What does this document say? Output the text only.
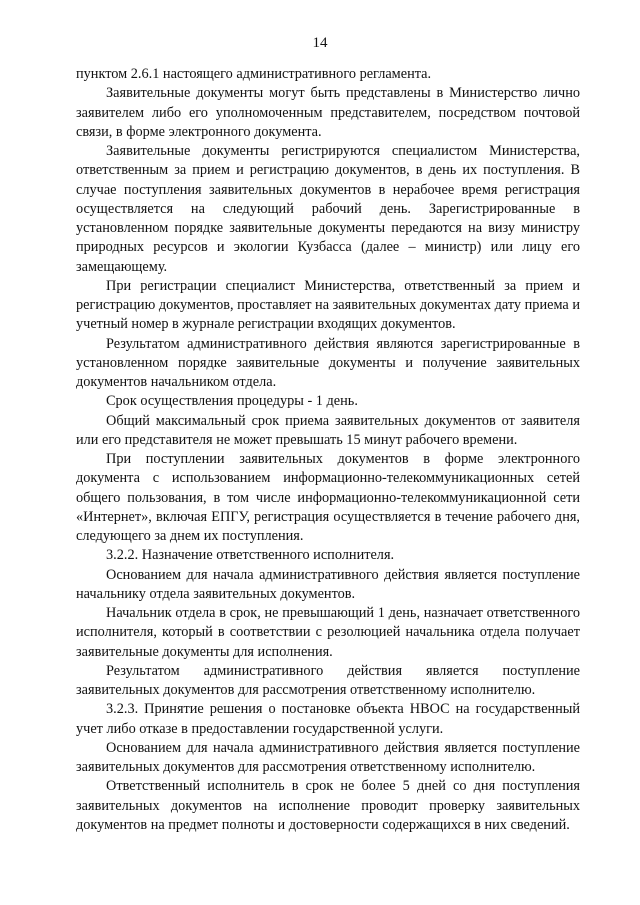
14

пунктом 2.6.1 настоящего административного регламента.

Заявительные документы могут быть представлены в Министерство лично заявителем либо его уполномоченным представителем, посредством почтовой связи, в форме электронного документа.

Заявительные документы регистрируются специалистом Министерства, ответственным за прием и регистрацию документов, в день их поступления. В случае поступления заявительных документов в нерабочее время регистрация осуществляется на следующий рабочий день. Зарегистрированные в установленном порядке заявительные документы передаются на визу министру природных ресурсов и экологии Кузбасса (далее – министр) или лицу его замещающему.

При регистрации специалист Министерства, ответственный за прием и регистрацию документов, проставляет на заявительных документах дату приема и учетный номер в журнале регистрации входящих документов.

Результатом административного действия являются зарегистрированные в установленном порядке заявительные документы и получение заявительных документов начальником отдела.

Срок осуществления процедуры - 1 день.

Общий максимальный срок приема заявительных документов от заявителя или его представителя не может превышать 15 минут рабочего времени.

При поступлении заявительных документов в форме электронного документа с использованием информационно-телекоммуникационных сетей общего пользования, в том числе информационно-телекоммуникационной сети «Интернет», включая ЕПГУ, регистрация осуществляется в течение рабочего дня, следующего за днем их поступления.

3.2.2. Назначение ответственного исполнителя.

Основанием для начала административного действия является поступление начальнику отдела заявительных документов.

Начальник отдела в срок, не превышающий 1 день, назначает ответственного исполнителя, который в соответствии с резолюцией начальника отдела получает заявительные документы для исполнения.

Результатом административного действия является поступление заявительных документов для рассмотрения ответственному исполнителю.

3.2.3. Принятие решения о постановке объекта НВОС на государственный учет либо отказе в предоставлении государственной услуги.

Основанием для начала административного действия является поступление заявительных документов для рассмотрения ответственному исполнителю.

Ответственный исполнитель в срок не более 5 дней со дня поступления заявительных документов на исполнение проводит проверку заявительных документов на предмет полноты и достоверности содержащихся в них сведений.
